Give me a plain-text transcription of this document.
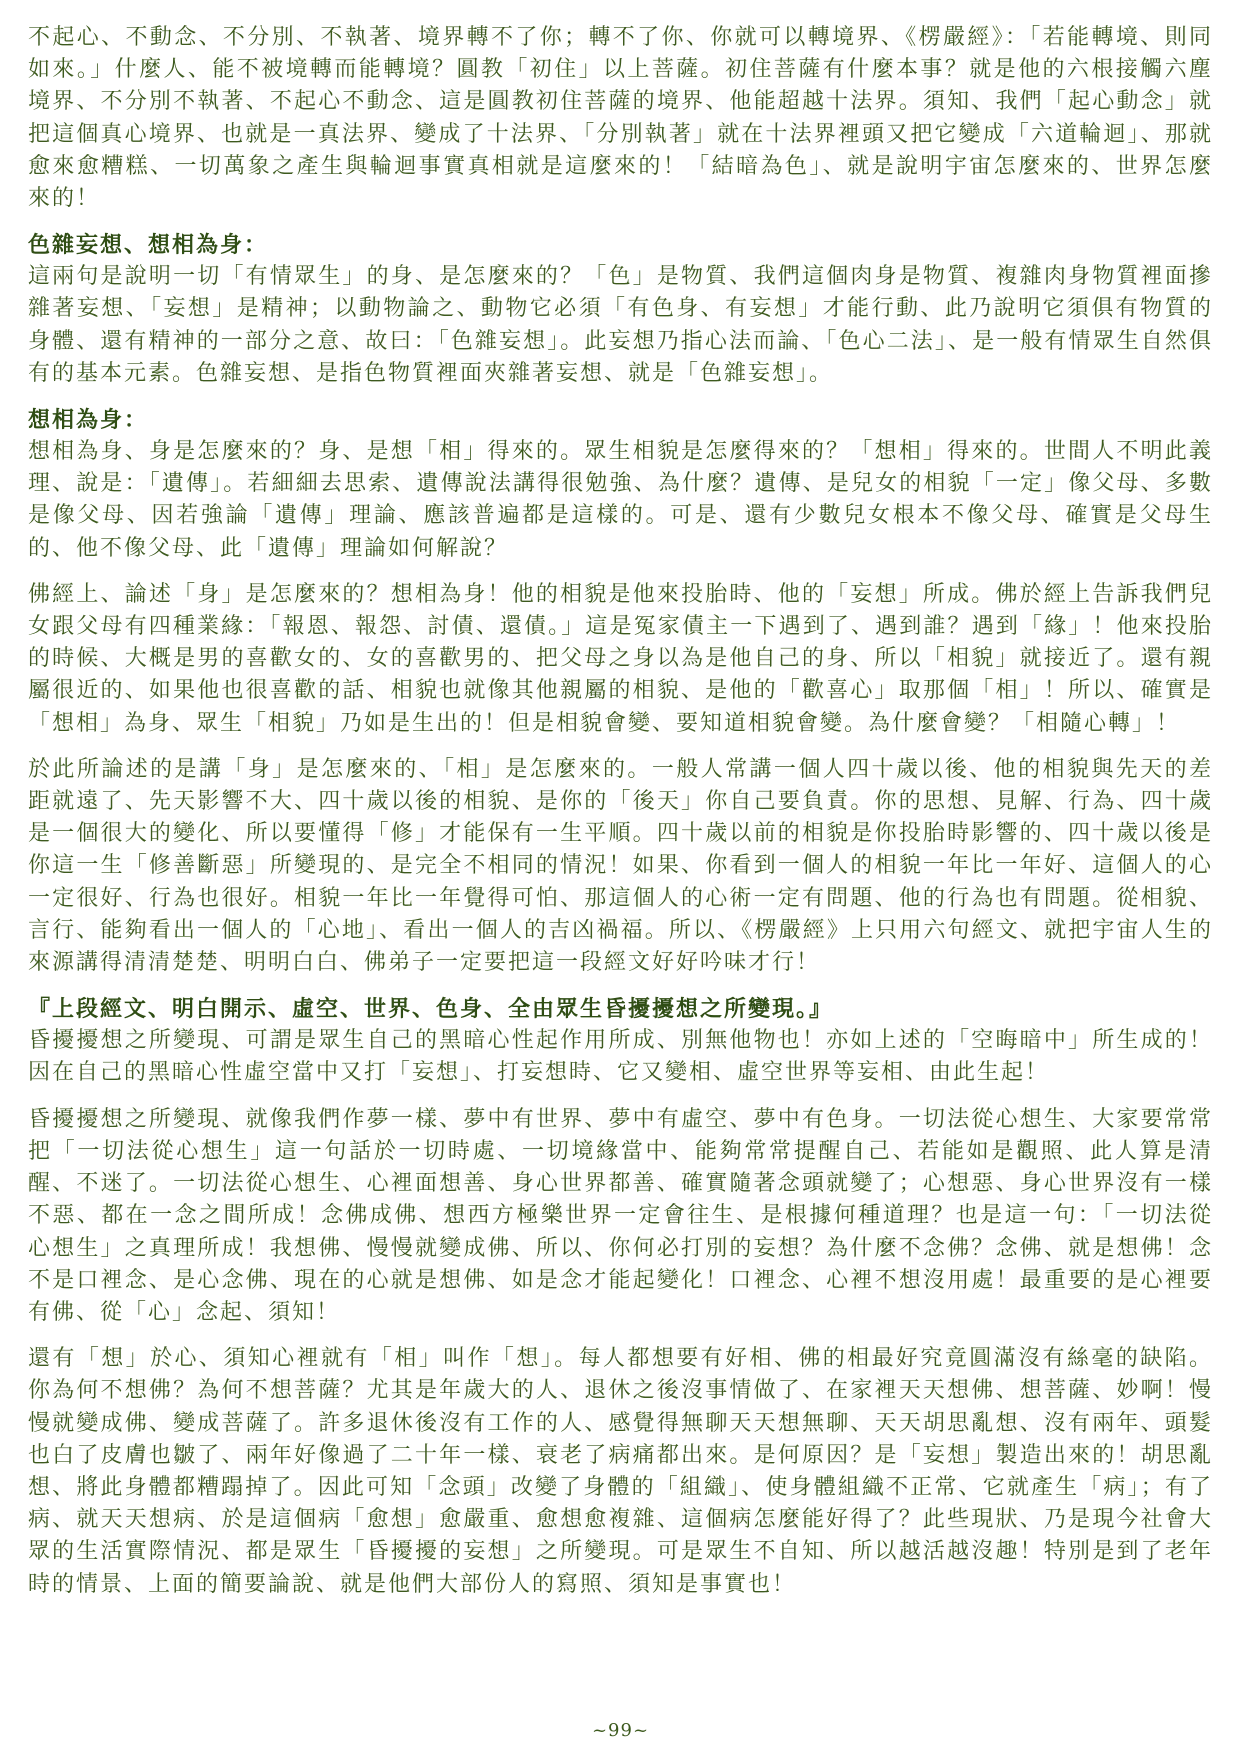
不起心、不動念、不分別、不執著、境界轉不了你；轉不了你、你就可以轉境界、《楞嚴經》：「若能轉境、則同如來。」什麼人、能不被境轉而能轉境？圓教「初住」以上菩薩。初住菩薩有什麼本事？就是他的六根接觸六塵境界、不分別不執著、不起心不動念、這是圓教初住菩薩的境界、他能超越十法界。須知、我們「起心動念」就把這個真心境界、也就是一真法界、變成了十法界、「分別執著」就在十法界裡頭又把它變成「六道輪迴」、那就愈來愈糟糕、一切萬象之產生與輪迴事實真相就是這麼來的！「結暗為色」、就是說明宇宙怎麼來的、世界怎麼來的！

色雜妄想、想相為身：

這兩句是說明一切「有情眾生」的身、是怎麼來的？「色」是物質、我們這個肉身是物質、複雜肉身物質裡面摻雜著妄想、「妄想」是精神；以動物論之、動物它必須「有色身、有妄想」才能行動、此乃說明它須俱有物質的身體、還有精神的一部分之意、故曰：「色雜妄想」。此妄想乃指心法而論、「色心二法」、是一般有情眾生自然俱有的基本元素。色雜妄想、是指色物質裡面夾雜著妄想、就是「色雜妄想」。

想相為身：

想相為身、身是怎麼來的？身、是想「相」得來的。眾生相貌是怎麼得來的？「想相」得來的。世間人不明此義理、說是：「遺傳」。若細細去思索、遺傳說法講得很勉強、為什麼？遺傳、是兒女的相貌「一定」像父母、多數是像父母、因若強論「遺傳」理論、應該普遍都是這樣的。可是、還有少數兒女根本不像父母、確實是父母生的、他不像父母、此「遺傳」理論如何解說？

佛經上、論述「身」是怎麼來的？想相為身！他的相貌是他來投胎時、他的「妄想」所成。佛於經上告訴我們兒女跟父母有四種業緣：「報恩、報怨、討債、還債。」這是冤家債主一下遇到了、遇到誰？遇到「緣」！他來投胎的時候、大概是男的喜歡女的、女的喜歡男的、把父母之身以為是他自己的身、所以「相貌」就接近了。還有親屬很近的、如果他也很喜歡的話、相貌也就像其他親屬的相貌、是他的「歡喜心」取那個「相」！所以、確實是「想相」為身、眾生「相貌」乃如是生出的！但是相貌會變、要知道相貌會變。為什麼會變？「相隨心轉」！

於此所論述的是講「身」是怎麼來的、「相」是怎麼來的。一般人常講一個人四十歲以後、他的相貌與先天的差距就遠了、先天影響不大、四十歲以後的相貌、是你的「後天」你自己要負責。你的思想、見解、行為、四十歲是一個很大的變化、所以要懂得「修」才能保有一生平順。四十歲以前的相貌是你投胎時影響的、四十歲以後是你這一生「修善斷惡」所變現的、是完全不相同的情況！如果、你看到一個人的相貌一年比一年好、這個人的心一定很好、行為也很好。相貌一年比一年覺得可怕、那這個人的心術一定有問題、他的行為也有問題。從相貌、言行、能夠看出一個人的「心地」、看出一個人的吉凶禍福。所以、《楞嚴經》上只用六句經文、就把宇宙人生的來源講得清清楚楚、明明白白、佛弟子一定要把這一段經文好好吟味才行！

『上段經文、明白開示、虛空、世界、色身、全由眾生昏擾擾想之所變現。』

昏擾擾想之所變現、可謂是眾生自己的黑暗心性起作用所成、別無他物也！亦如上述的「空晦暗中」所生成的！因在自己的黑暗心性虛空當中又打「妄想」、打妄想時、它又變相、虛空世界等妄相、由此生起！

昏擾擾想之所變現、就像我們作夢一樣、夢中有世界、夢中有虛空、夢中有色身。一切法從心想生、大家要常常把「一切法從心想生」這一句話於一切時處、一切境緣當中、能夠常常提醒自己、若能如是觀照、此人算是清醒、不迷了。一切法從心想生、心裡面想善、身心世界都善、確實隨著念頭就變了；心想惡、身心世界沒有一樣不惡、都在一念之間所成！念佛成佛、想西方極樂世界一定會往生、是根據何種道理？也是這一句：「一切法從心想生」之真理所成！我想佛、慢慢就變成佛、所以、你何必打別的妄想？為什麼不念佛？念佛、就是想佛！念不是口裡念、是心念佛、現在的心就是想佛、如是念才能起變化！口裡念、心裡不想沒用處！最重要的是心裡要有佛、從「心」念起、須知！

還有「想」於心、須知心裡就有「相」叫作「想」。每人都想要有好相、佛的相最好究竟圓滿沒有絲毫的缺陷。你為何不想佛？為何不想菩薩？尤其是年歲大的人、退休之後沒事情做了、在家裡天天想佛、想菩薩、妙啊！慢慢就變成佛、變成菩薩了。許多退休後沒有工作的人、感覺得無聊天天想無聊、天天胡思亂想、沒有兩年、頭髮也白了皮膚也皺了、兩年好像過了二十年一樣、衰老了病痛都出來。是何原因？是「妄想」製造出來的！胡思亂想、將此身體都糟蹋掉了。因此可知「念頭」改變了身體的「組織」、使身體組織不正常、它就產生「病」；有了病、就天天想病、於是這個病「愈想」愈嚴重、愈想愈複雜、這個病怎麼能好得了？此些現狀、乃是現今社會大眾的生活實際情況、都是眾生「昏擾擾的妄想」之所變現。可是眾生不自知、所以越活越沒趣！特別是到了老年時的情景、上面的簡要論說、就是他們大部份人的寫照、須知是事實也！

~99~
